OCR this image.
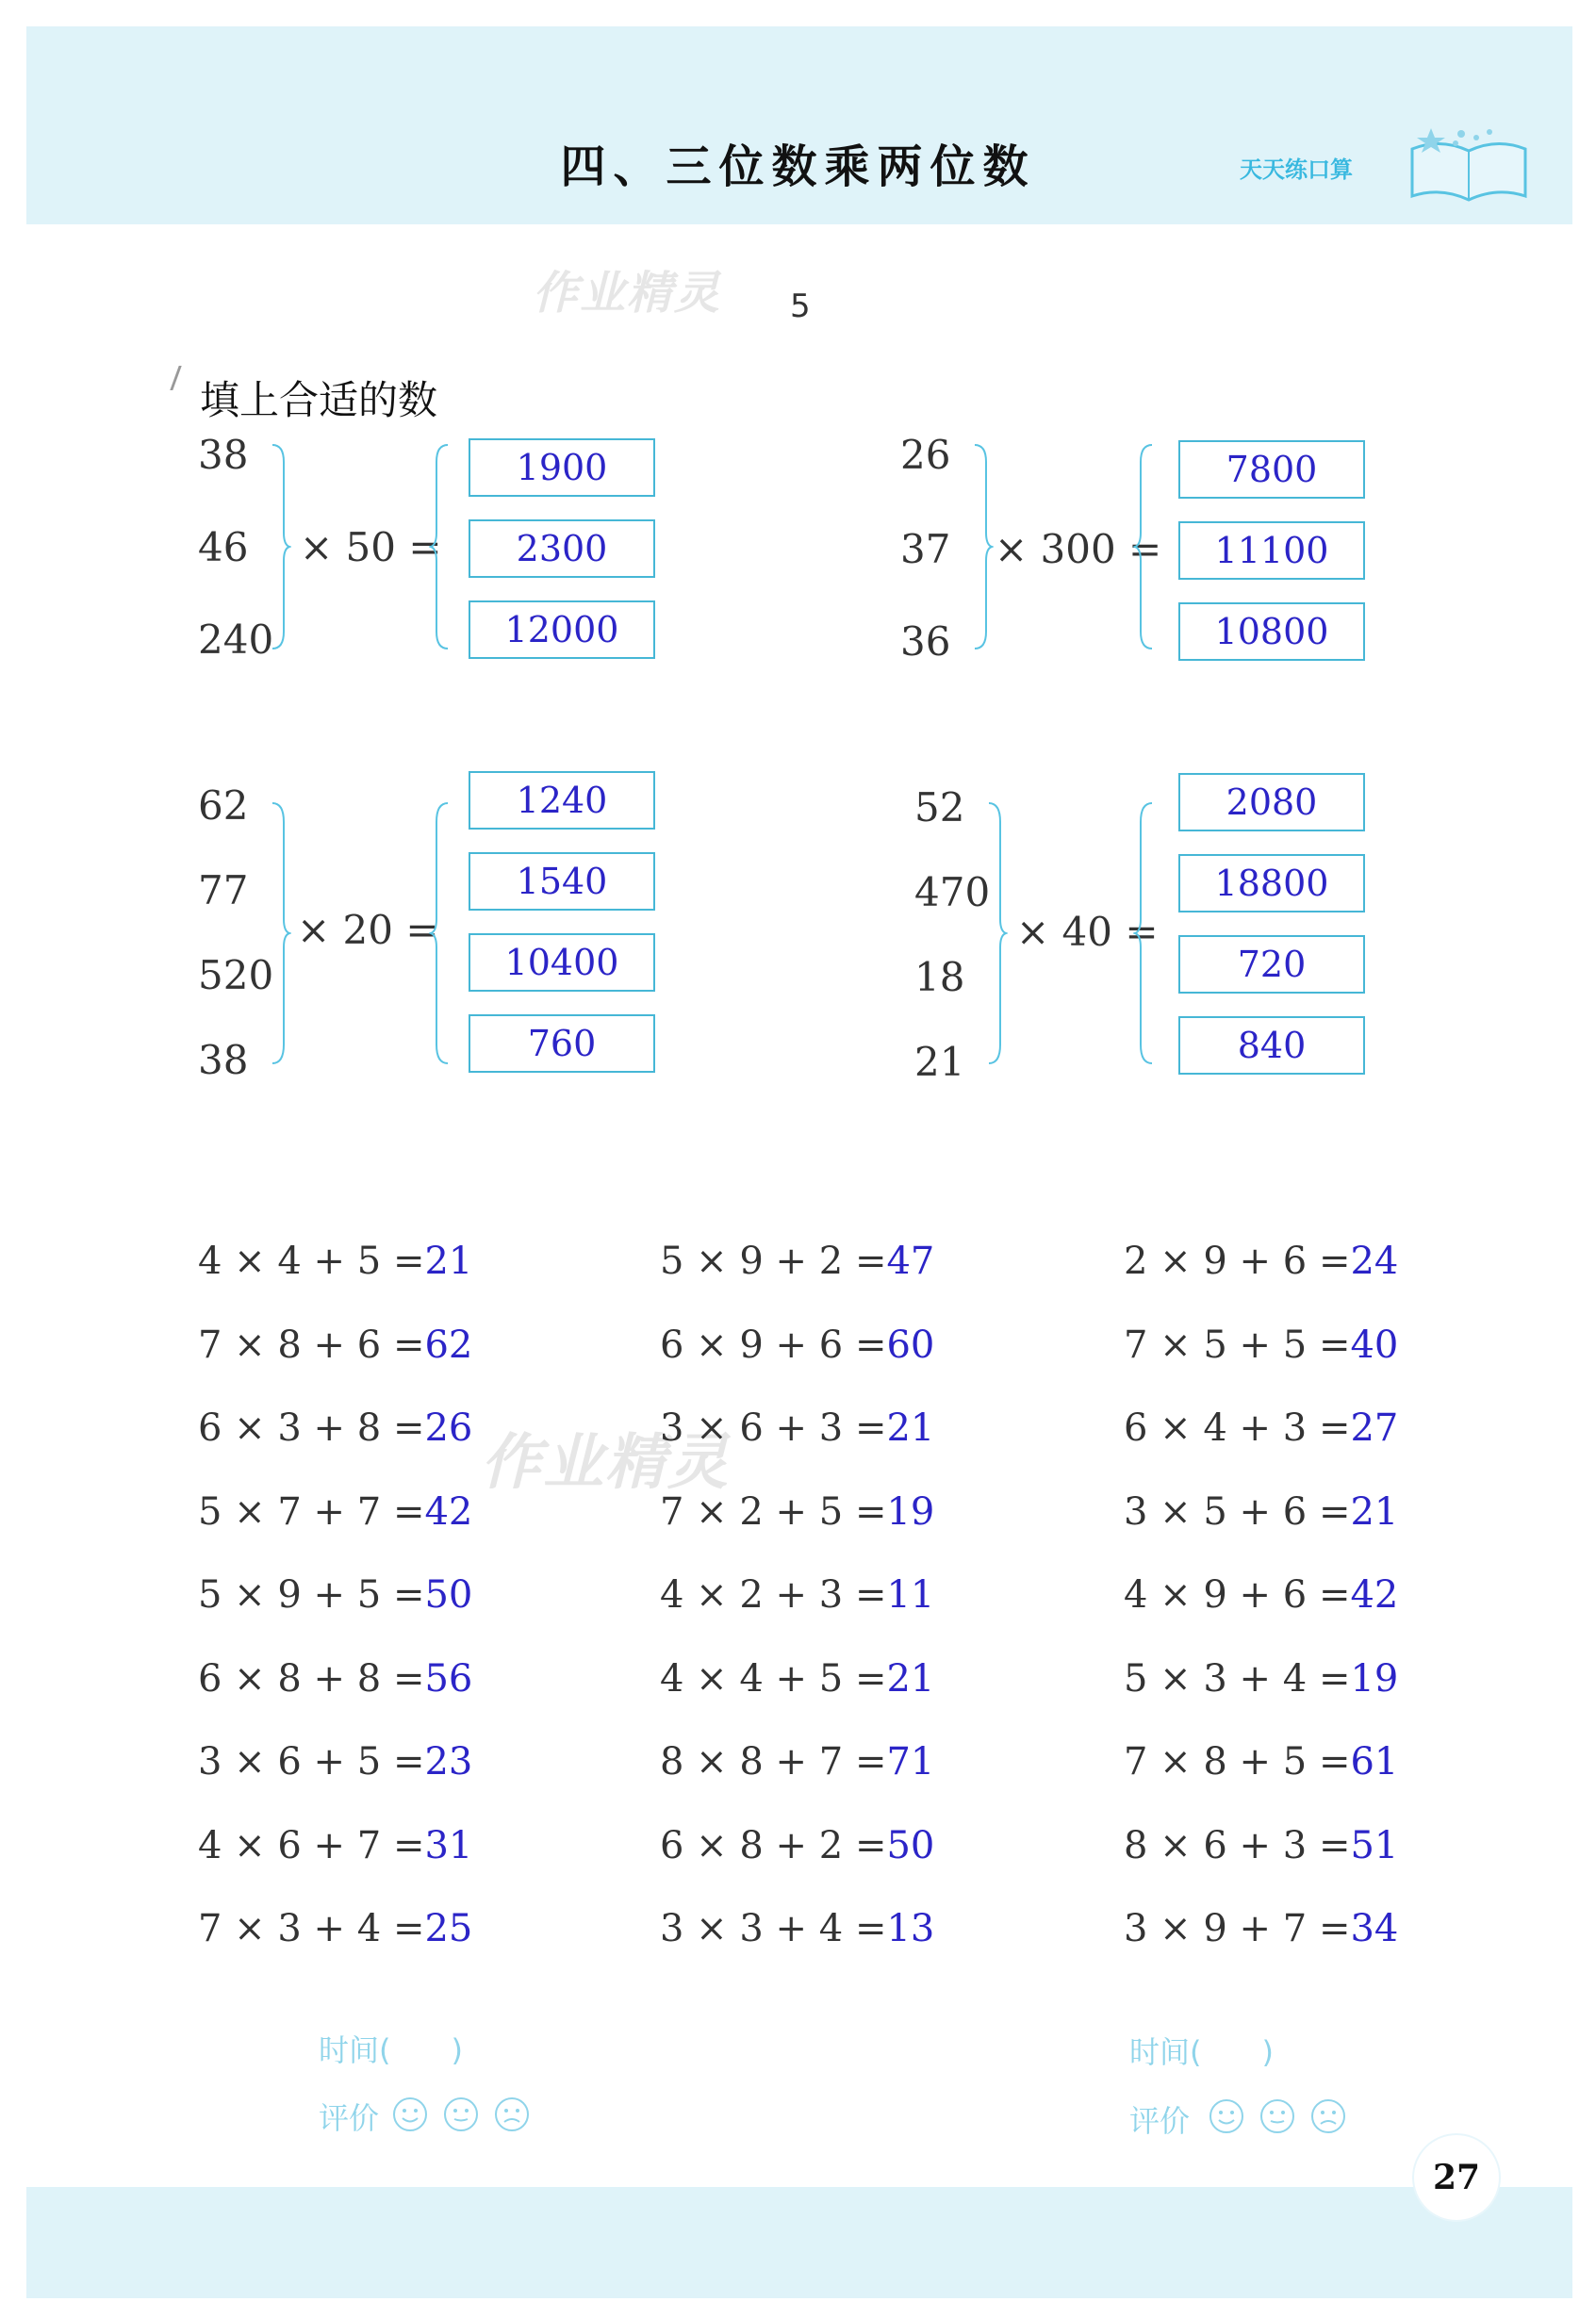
四、三位数乘两位数	天天练口算
作业精灵 5
作业精灵
填上合适的数
38
46
240
× 50 =
1900
2300
12000
26
37
36
× 300 =
7800
11100
10800
62
77
520
38
× 20 =
1240
1540
10400
760
52
470
18
21
× 40 =
2080
18800
720
840
4 × 4 + 5 =21
7 × 8 + 6 =62
6 × 3 + 8 =26
5 × 7 + 7 =42
5 × 9 + 5 =50
6 × 8 + 8 =56
3 × 6 + 5 =23
4 × 6 + 7 =31
7 × 3 + 4 =25
5 × 9 + 2 =47
6 × 9 + 6 =60
3 × 6 + 3 =21
7 × 2 + 5 =19
4 × 2 + 3 =11
4 × 4 + 5 =21
8 × 8 + 7 =71
6 × 8 + 2 =50
3 × 3 + 4 =13
2 × 9 + 6 =24
7 × 5 + 5 =40
6 × 4 + 3 =27
3 × 5 + 6 =21
4 × 9 + 6 =42
5 × 3 + 4 =19
7 × 8 + 5 =61
8 × 6 + 3 =51
3 × 9 + 7 =34
时间(　　)
评价
时间(　　)
评价
27
